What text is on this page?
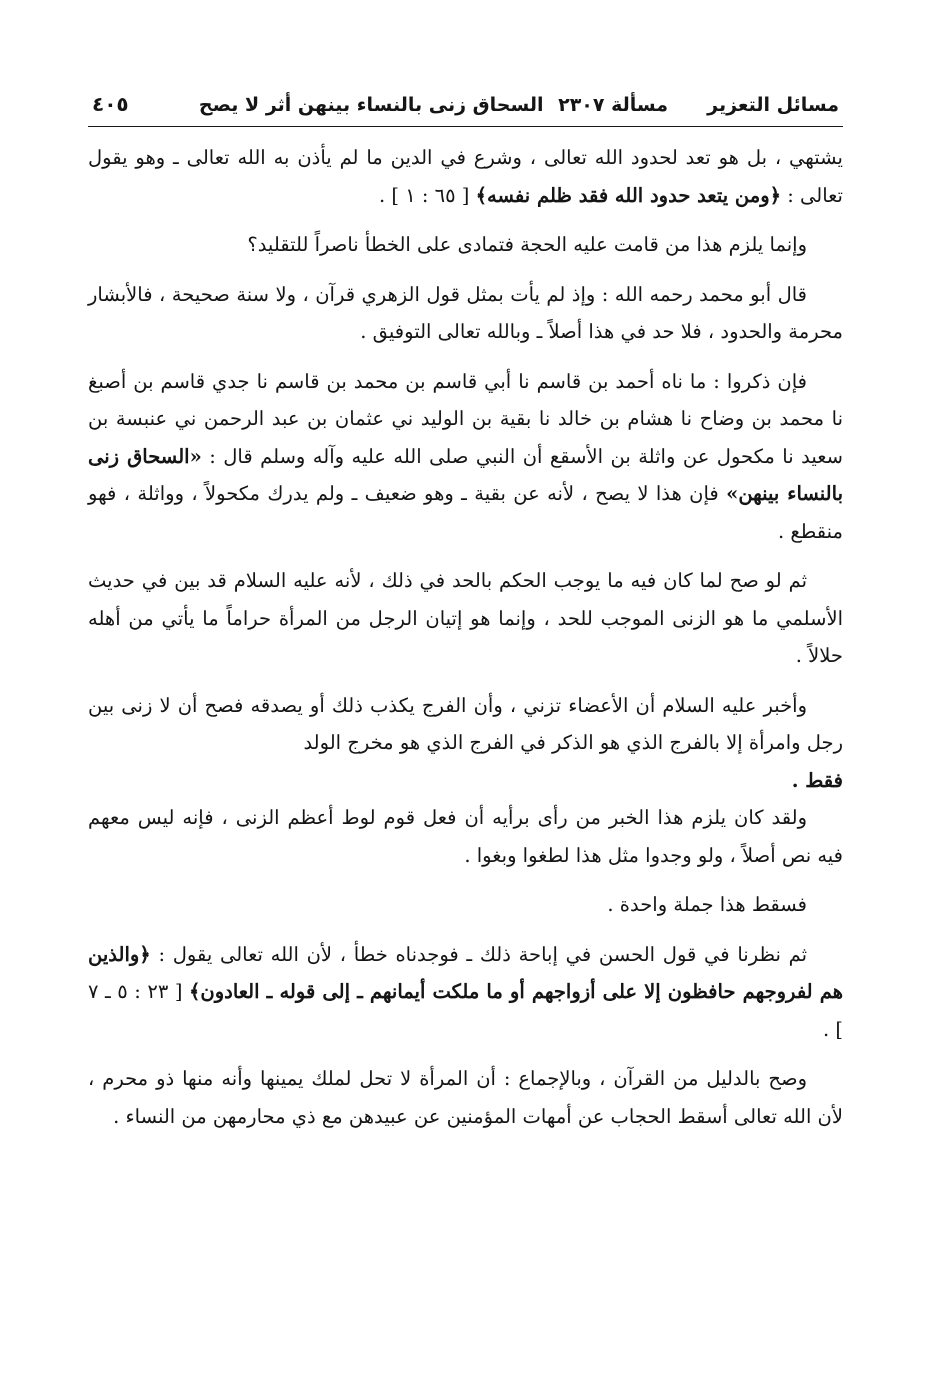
مسائل التعزير
مسألة ٢٣٠٧ السحاق زنى بالنساء بينهن أثر لا يصح
٤٠٥

يشتهي ، بل هو تعد لحدود الله تعالى ، وشرع في الدين ما لم يأذن به الله تعالى ـ وهو يقول تعالى : ﴿ومن يتعد حدود الله فقد ظلم نفسه﴾ [ ٦٥ : ١ ] .

وإنما يلزم هذا من قامت عليه الحجة فتمادى على الخطأ ناصراً للتقليد؟

قال أبو محمد رحمه الله : وإذ لم يأت بمثل قول الزهري قرآن ، ولا سنة صحيحة ، فالأبشار محرمة والحدود ، فلا حد في هذا أصلاً ـ وبالله تعالى التوفيق .

فإن ذكروا : ما ناه أحمد بن قاسم نا أبي قاسم بن محمد بن قاسم نا جدي قاسم بن أصبغ نا محمد بن وضاح نا هشام بن خالد نا بقية بن الوليد ني عثمان بن عبد الرحمن ني عنبسة بن سعيد نا مكحول عن واثلة بن الأسقع أن النبي صلى الله عليه وآله وسلم قال : «السحاق زنى بالنساء بينهن» فإن هذا لا يصح ، لأنه عن بقية ـ وهو ضعيف ـ ولم يدرك مكحولاً ، وواثلة ، فهو منقطع .

ثم لو صح لما كان فيه ما يوجب الحكم بالحد في ذلك ، لأنه عليه السلام قد بين في حديث الأسلمي ما هو الزنى الموجب للحد ، وإنما هو إتيان الرجل من المرأة حراماً ما يأتي من أهله حلالاً .

وأخبر عليه السلام أن الأعضاء تزني ، وأن الفرج يكذب ذلك أو يصدقه فصح أن لا زنى بين رجل وامرأة إلا بالفرج الذي هو الذكر في الفرج الذي هو مخرج الولد
فقط .

ولقد كان يلزم هذا الخبر من رأى برأيه أن فعل قوم لوط أعظم الزنى ، فإنه ليس معهم فيه نص أصلاً ، ولو وجدوا مثل هذا لطغوا وبغوا .

فسقط هذا جملة واحدة .

ثم نظرنا في قول الحسن في إباحة ذلك ـ فوجدناه خطأ ، لأن الله تعالى يقول : ﴿والذين هم لفروجهم حافظون إلا على أزواجهم أو ما ملكت أيمانهم ـ إلى قوله ـ العادون﴾ [ ٢٣ : ٥ ـ ٧ ] .

وصح بالدليل من القرآن ، وبالإجماع : أن المرأة لا تحل لملك يمينها وأنه منها ذو محرم ، لأن الله تعالى أسقط الحجاب عن أمهات المؤمنين عن عبيدهن مع ذي محارمهن من النساء .
